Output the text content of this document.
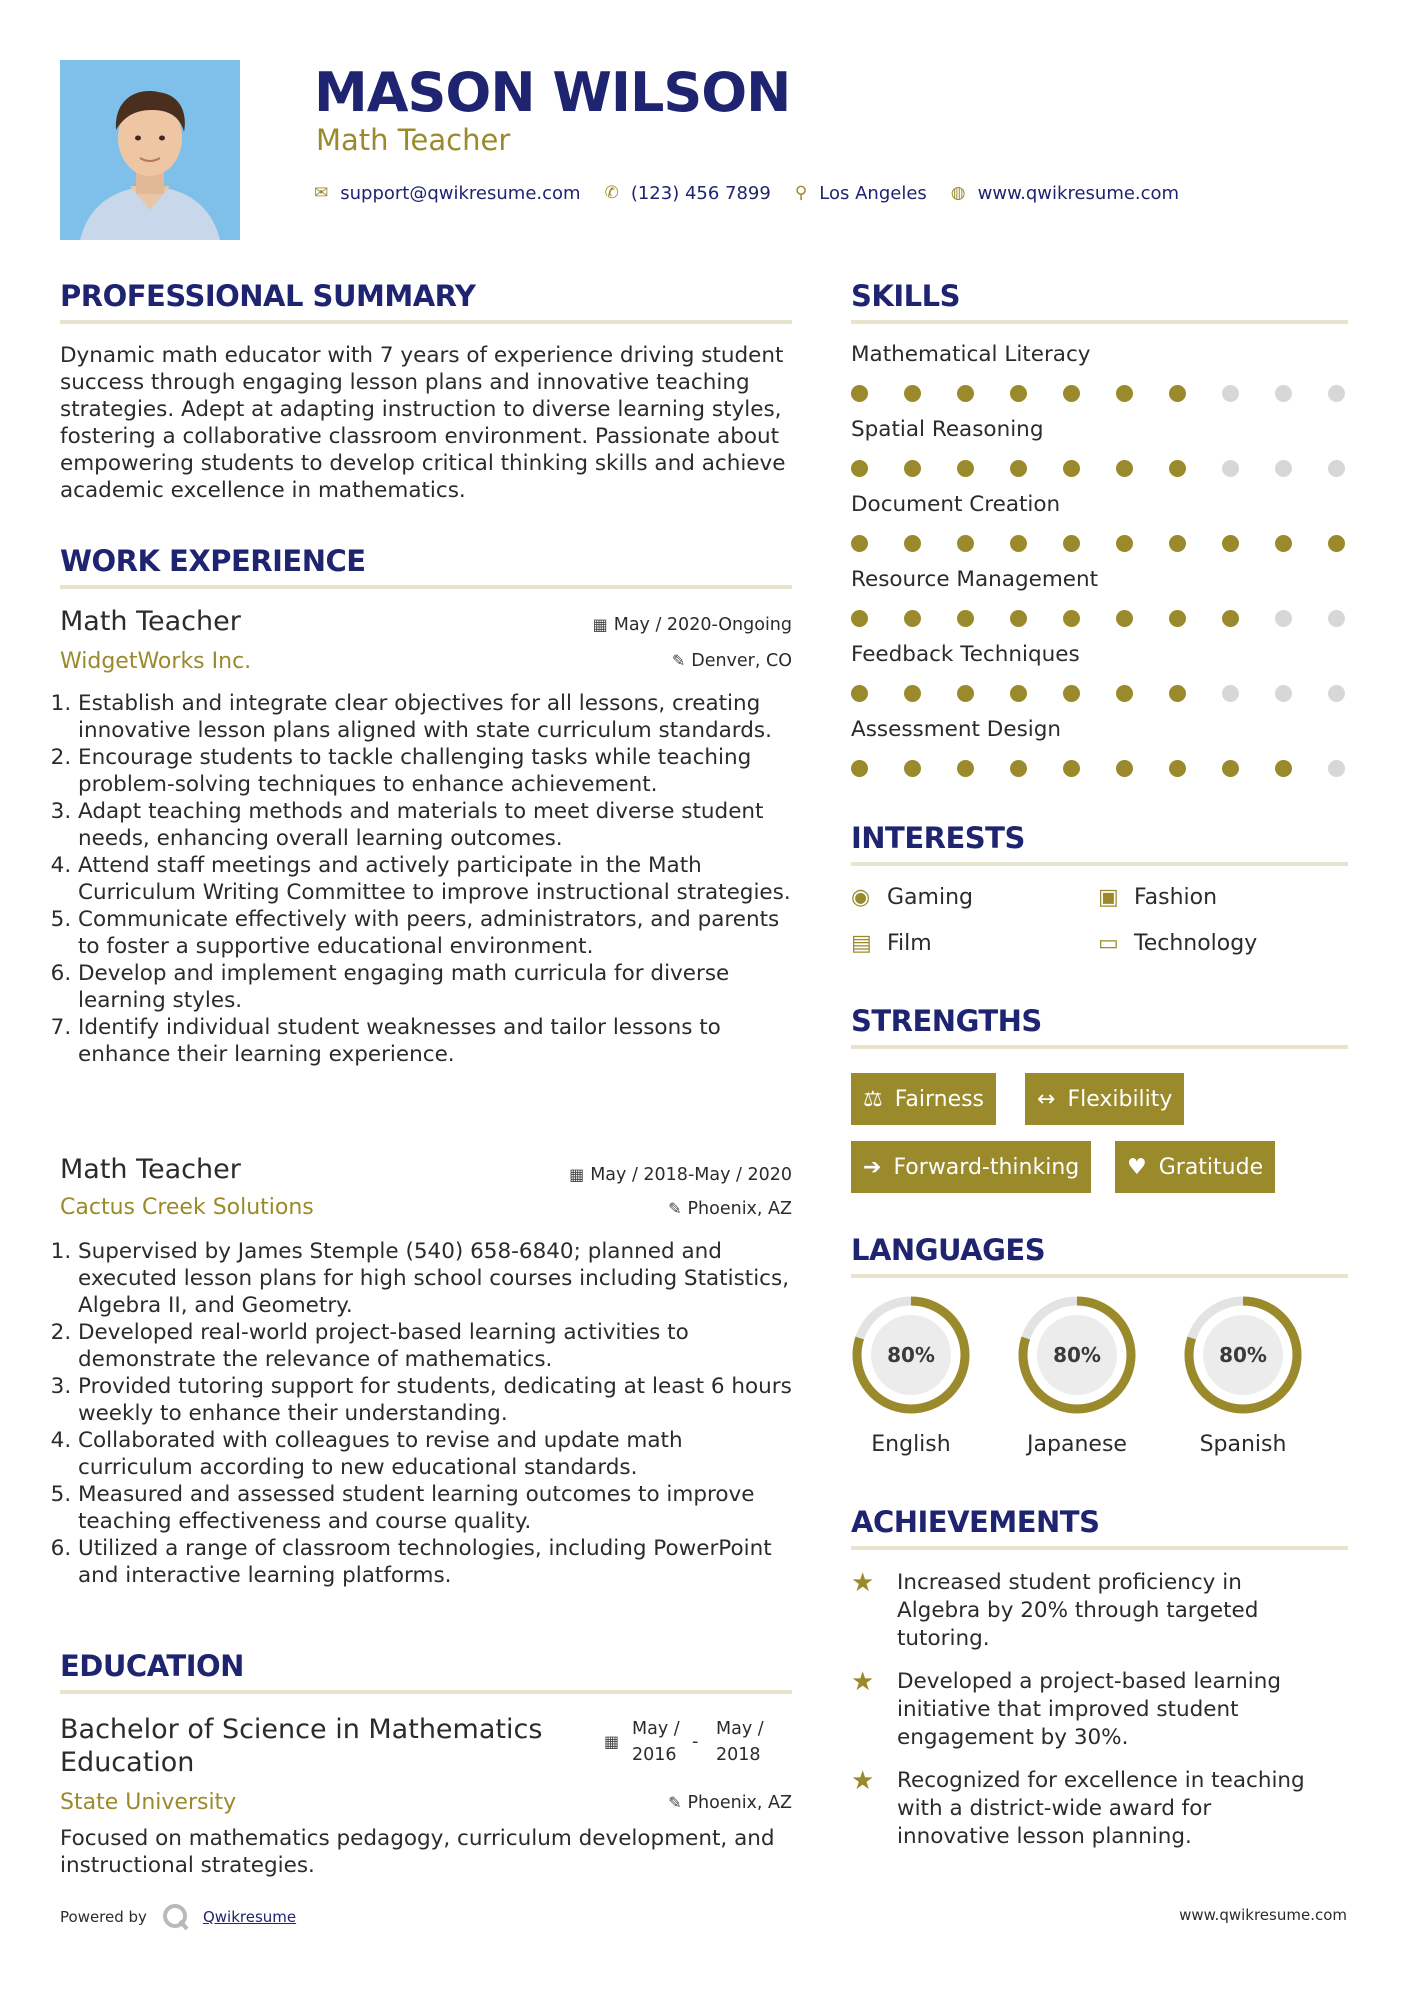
MASON WILSON
Math Teacher
✉ support@qwikresume.com ✆ (123) 456 7899 ⚲ Los Angeles ◍ www.qwikresume.com
PROFESSIONAL SUMMARY
Dynamic math educator with 7 years of experience driving student success through engaging lesson plans and innovative teaching strategies. Adept at adapting instruction to diverse learning styles, fostering a collaborative classroom environment. Passionate about empowering students to develop critical thinking skills and achieve academic excellence in mathematics.
WORK EXPERIENCE
Math Teacher	▦ May / 2020-Ongoing
WidgetWorks Inc.	✎ Denver, CO
1. Establish and integrate clear objectives for all lessons, creating innovative lesson plans aligned with state curriculum standards.
2. Encourage students to tackle challenging tasks while teaching problem-solving techniques to enhance achievement.
3. Adapt teaching methods and materials to meet diverse student needs, enhancing overall learning outcomes.
4. Attend staff meetings and actively participate in the Math Curriculum Writing Committee to improve instructional strategies.
5. Communicate effectively with peers, administrators, and parents to foster a supportive educational environment.
6. Develop and implement engaging math curricula for diverse learning styles.
7. Identify individual student weaknesses and tailor lessons to enhance their learning experience.
Math Teacher	▦ May / 2018-May / 2020
Cactus Creek Solutions	✎ Phoenix, AZ
1. Supervised by James Stemple (540) 658-6840; planned and executed lesson plans for high school courses including Statistics, Algebra II, and Geometry.
2. Developed real-world project-based learning activities to demonstrate the relevance of mathematics.
3. Provided tutoring support for students, dedicating at least 6 hours weekly to enhance their understanding.
4. Collaborated with colleagues to revise and update math curriculum according to new educational standards.
5. Measured and assessed student learning outcomes to improve teaching effectiveness and course quality.
6. Utilized a range of classroom technologies, including PowerPoint and interactive learning platforms.
EDUCATION
Bachelor of Science in Mathematics
Education
▦
May /
2016
-
May /
2018
State University	✎ Phoenix, AZ
Focused on mathematics pedagogy, curriculum development, and instructional strategies.
SKILLS
Mathematical Literacy
Spatial Reasoning
Document Creation
Resource Management
Feedback Techniques
Assessment Design
INTERESTS
◉ Gaming	▣ Fashion
▤ Film	▭ Technology
STRENGTHS
⚖ Fairness ↔ Flexibility
➔ Forward-thinking ♥ Gratitude
LANGUAGES
80%
English
80%
Japanese
80%
Spanish
ACHIEVEMENTS
★	Increased student proficiency in Algebra by 20% through targeted tutoring.
★	Developed a project-based learning initiative that improved student engagement by 30%.
★	Recognized for excellence in teaching with a district-wide award for innovative lesson planning.
Powered by	Qwikresume	www.qwikresume.com
